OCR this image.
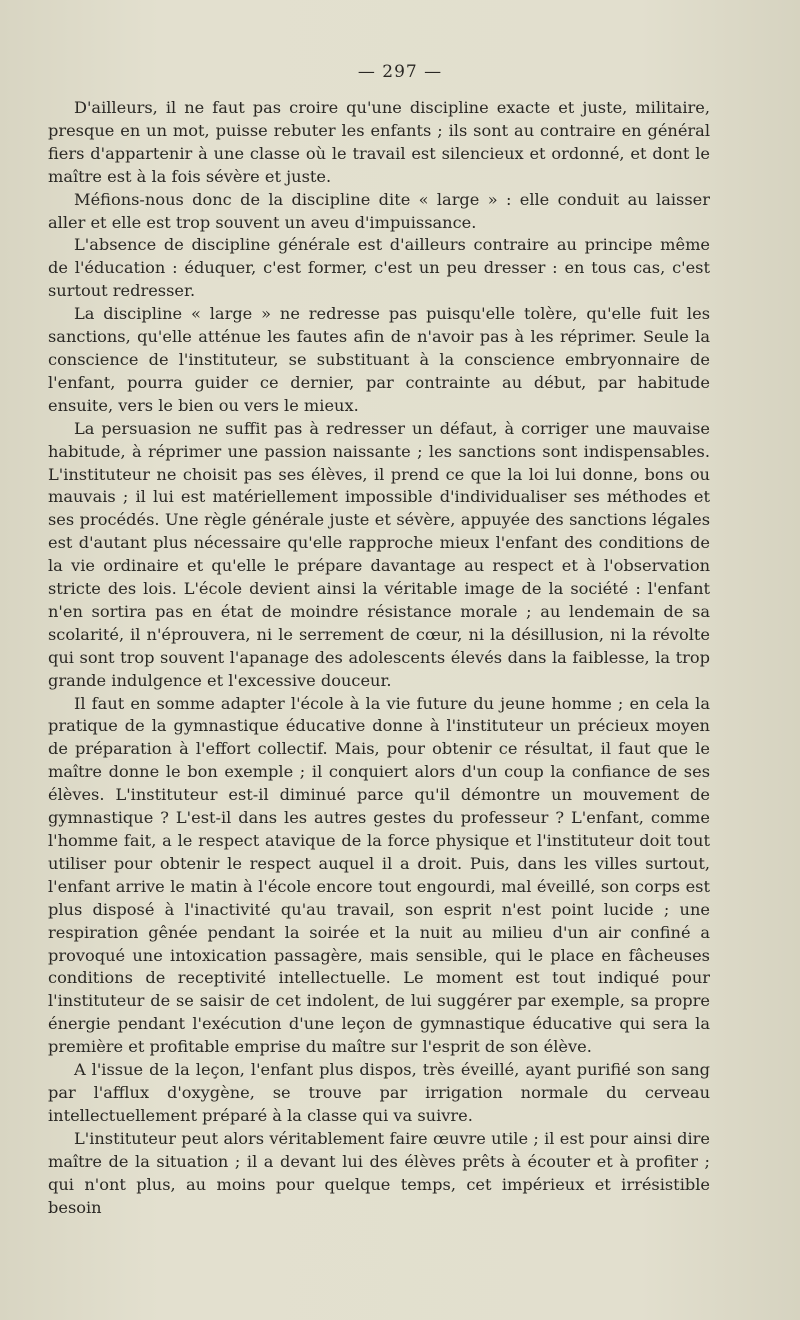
— 297 —

D'ailleurs, il ne faut pas croire qu'une discipline exacte et juste, militaire, presque en un mot, puisse rebuter les enfants ; ils sont au contraire en général fiers d'appartenir à une classe où le travail est silencieux et ordonné, et dont le maître est à la fois sévère et juste.

Méfions-nous donc de la discipline dite « large » : elle conduit au laisser aller et elle est trop souvent un aveu d'impuissance.

L'absence de discipline générale est d'ailleurs contraire au principe même de l'éducation : éduquer, c'est former, c'est un peu dresser : en tous cas, c'est surtout redresser.

La discipline « large » ne redresse pas puisqu'elle tolère, qu'elle fuit les sanctions, qu'elle atténue les fautes afin de n'avoir pas à les réprimer. Seule la conscience de l'instituteur, se substituant à la conscience embryonnaire de l'enfant, pourra guider ce dernier, par contrainte au début, par habitude ensuite, vers le bien ou vers le mieux.

La persuasion ne suffit pas à redresser un défaut, à corriger une mauvaise habitude, à réprimer une passion naissante ; les sanctions sont indispensables. L'instituteur ne choisit pas ses élèves, il prend ce que la loi lui donne, bons ou mauvais ; il lui est matériellement impossible d'individualiser ses méthodes et ses procédés. Une règle générale juste et sévère, appuyée des sanctions légales est d'autant plus nécessaire qu'elle rapproche mieux l'enfant des conditions de la vie ordinaire et qu'elle le prépare davantage au respect et à l'observation stricte des lois. L'école devient ainsi la véritable image de la société : l'enfant n'en sortira pas en état de moindre résistance morale ; au lendemain de sa scolarité, il n'éprouvera, ni le serrement de cœur, ni la désillusion, ni la révolte qui sont trop souvent l'apanage des adolescents élevés dans la faiblesse, la trop grande indulgence et l'excessive douceur.

Il faut en somme adapter l'école à la vie future du jeune homme ; en cela la pratique de la gymnastique éducative donne à l'instituteur un précieux moyen de préparation à l'effort collectif. Mais, pour obtenir ce résultat, il faut que le maître donne le bon exemple ; il conquiert alors d'un coup la confiance de ses élèves. L'instituteur est-il diminué parce qu'il démontre un mouvement de gymnastique ? L'est-il dans les autres gestes du professeur ? L'enfant, comme l'homme fait, a le respect atavique de la force physique et l'instituteur doit tout utiliser pour obtenir le respect auquel il a droit. Puis, dans les villes surtout, l'enfant arrive le matin à l'école encore tout engourdi, mal éveillé, son corps est plus disposé à l'inactivité qu'au travail, son esprit n'est point lucide ; une respiration gênée pendant la soirée et la nuit au milieu d'un air confiné a provoqué une intoxication passagère, mais sensible, qui le place en fâcheuses conditions de receptivité intellectuelle. Le moment est tout indiqué pour l'instituteur de se saisir de cet indolent, de lui suggérer par exemple, sa propre énergie pendant l'exécution d'une leçon de gymnastique éducative qui sera la première et profitable emprise du maître sur l'esprit de son élève.

A l'issue de la leçon, l'enfant plus dispos, très éveillé, ayant purifié son sang par l'afflux d'oxygène, se trouve par irrigation normale du cerveau intellectuellement préparé à la classe qui va suivre.

L'instituteur peut alors véritablement faire œuvre utile ; il est pour ainsi dire maître de la situation ; il a devant lui des élèves prêts à écouter et à profiter ; qui n'ont plus, au moins pour quelque temps, cet impérieux et irrésistible besoin
